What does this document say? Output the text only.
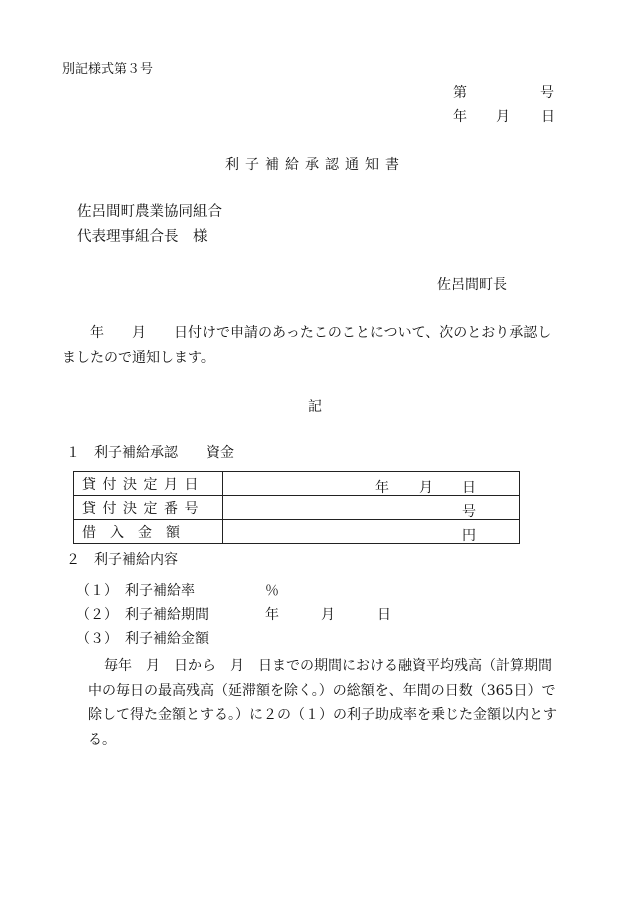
別記様式第３号
第	号
年 月 日
利子補給承認通知書
佐呂間町農業協同組合
代表理事組合長　様
佐呂間町長
　　年　　月　　日付けで申請のあったこのことについて、次のとおり承認し
ましたので通知します。
記
１　利子補給承認　　資金
貸付決定月日	年 月 日

貸付決定番号	号

借　入　金　額	円
２　利子補給内容
（１）　利子補給率　　　　　％
（２）　利子補給期間　　　　年　　　月　　　日
（３）　利子補給金額
毎年　月　日から　月　日までの期間における融資平均残高（計算期間中の毎日の最高残高（延滞額を除く。）の総額を、年間の日数（365日）で除して得た金額とする。）に２の（１）の利子助成率を乗じた金額以内とする。
